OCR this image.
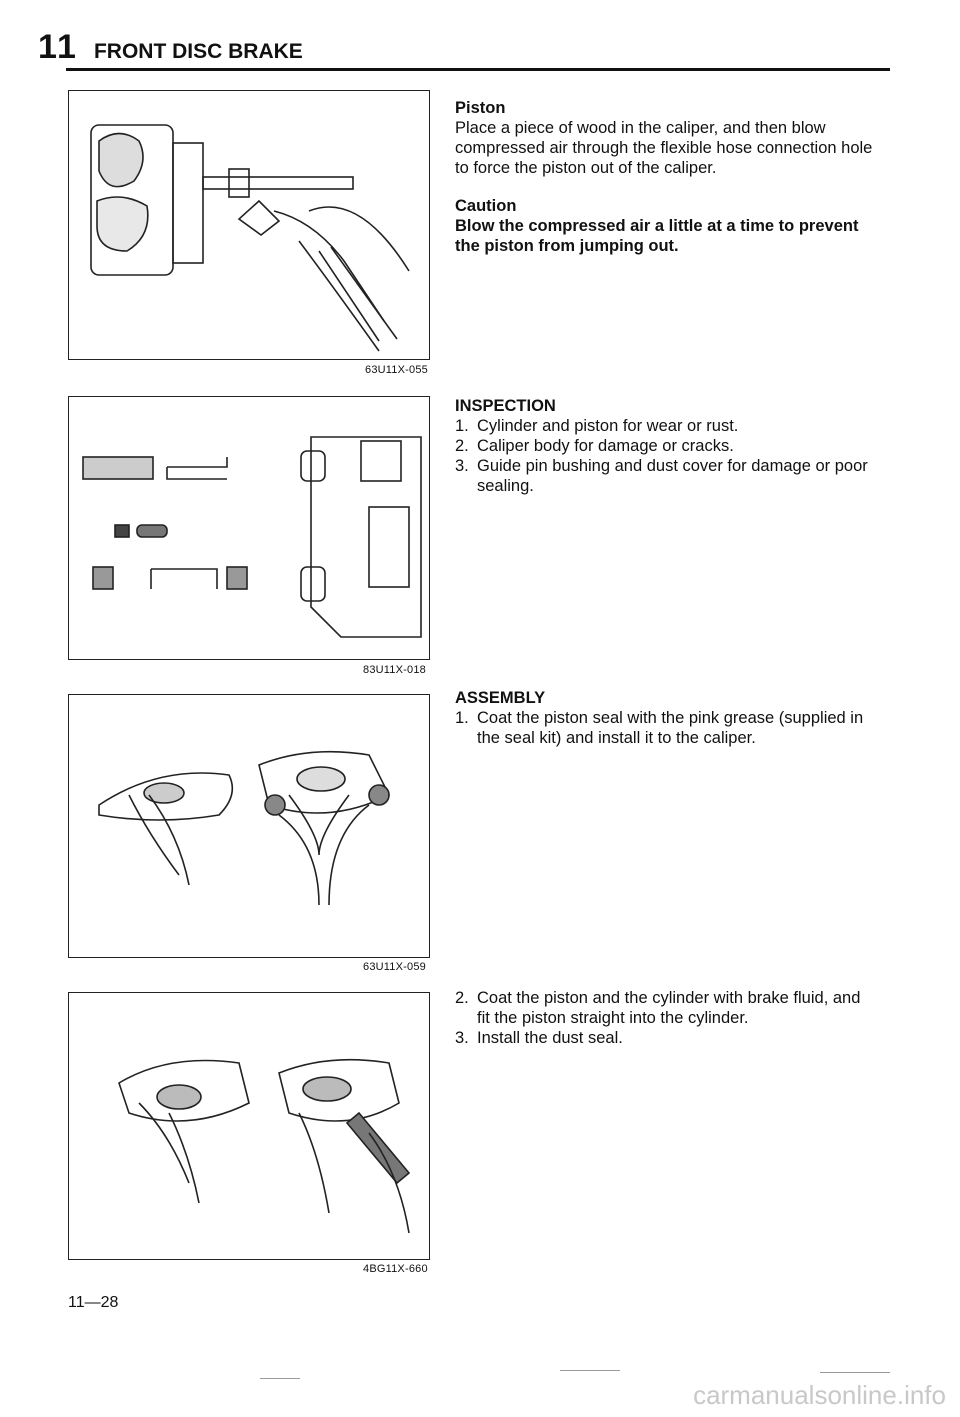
11 FRONT DISC BRAKE
63U11X-055
83U11X-018
63U11X-059
4BG11X-660

Piston

Place a piece of wood in the caliper, and then blow compressed air through the flexible hose connection hole to force the piston out of the caliper.

Caution

Blow the compressed air a little at a time to prevent the piston from jumping out.

INSPECTION

1. Cylinder and piston for wear or rust.
2. Caliper body for damage or cracks.
3. Guide pin bushing and dust cover for damage or poor sealing.

ASSEMBLY

1. Coat the piston seal with the pink grease (supplied in the seal kit) and install it to the caliper.
2. Coat the piston and the cylinder with brake fluid, and fit the piston straight into the cylinder.
3. Install the dust seal.
11—28
carmanualsonline.info
